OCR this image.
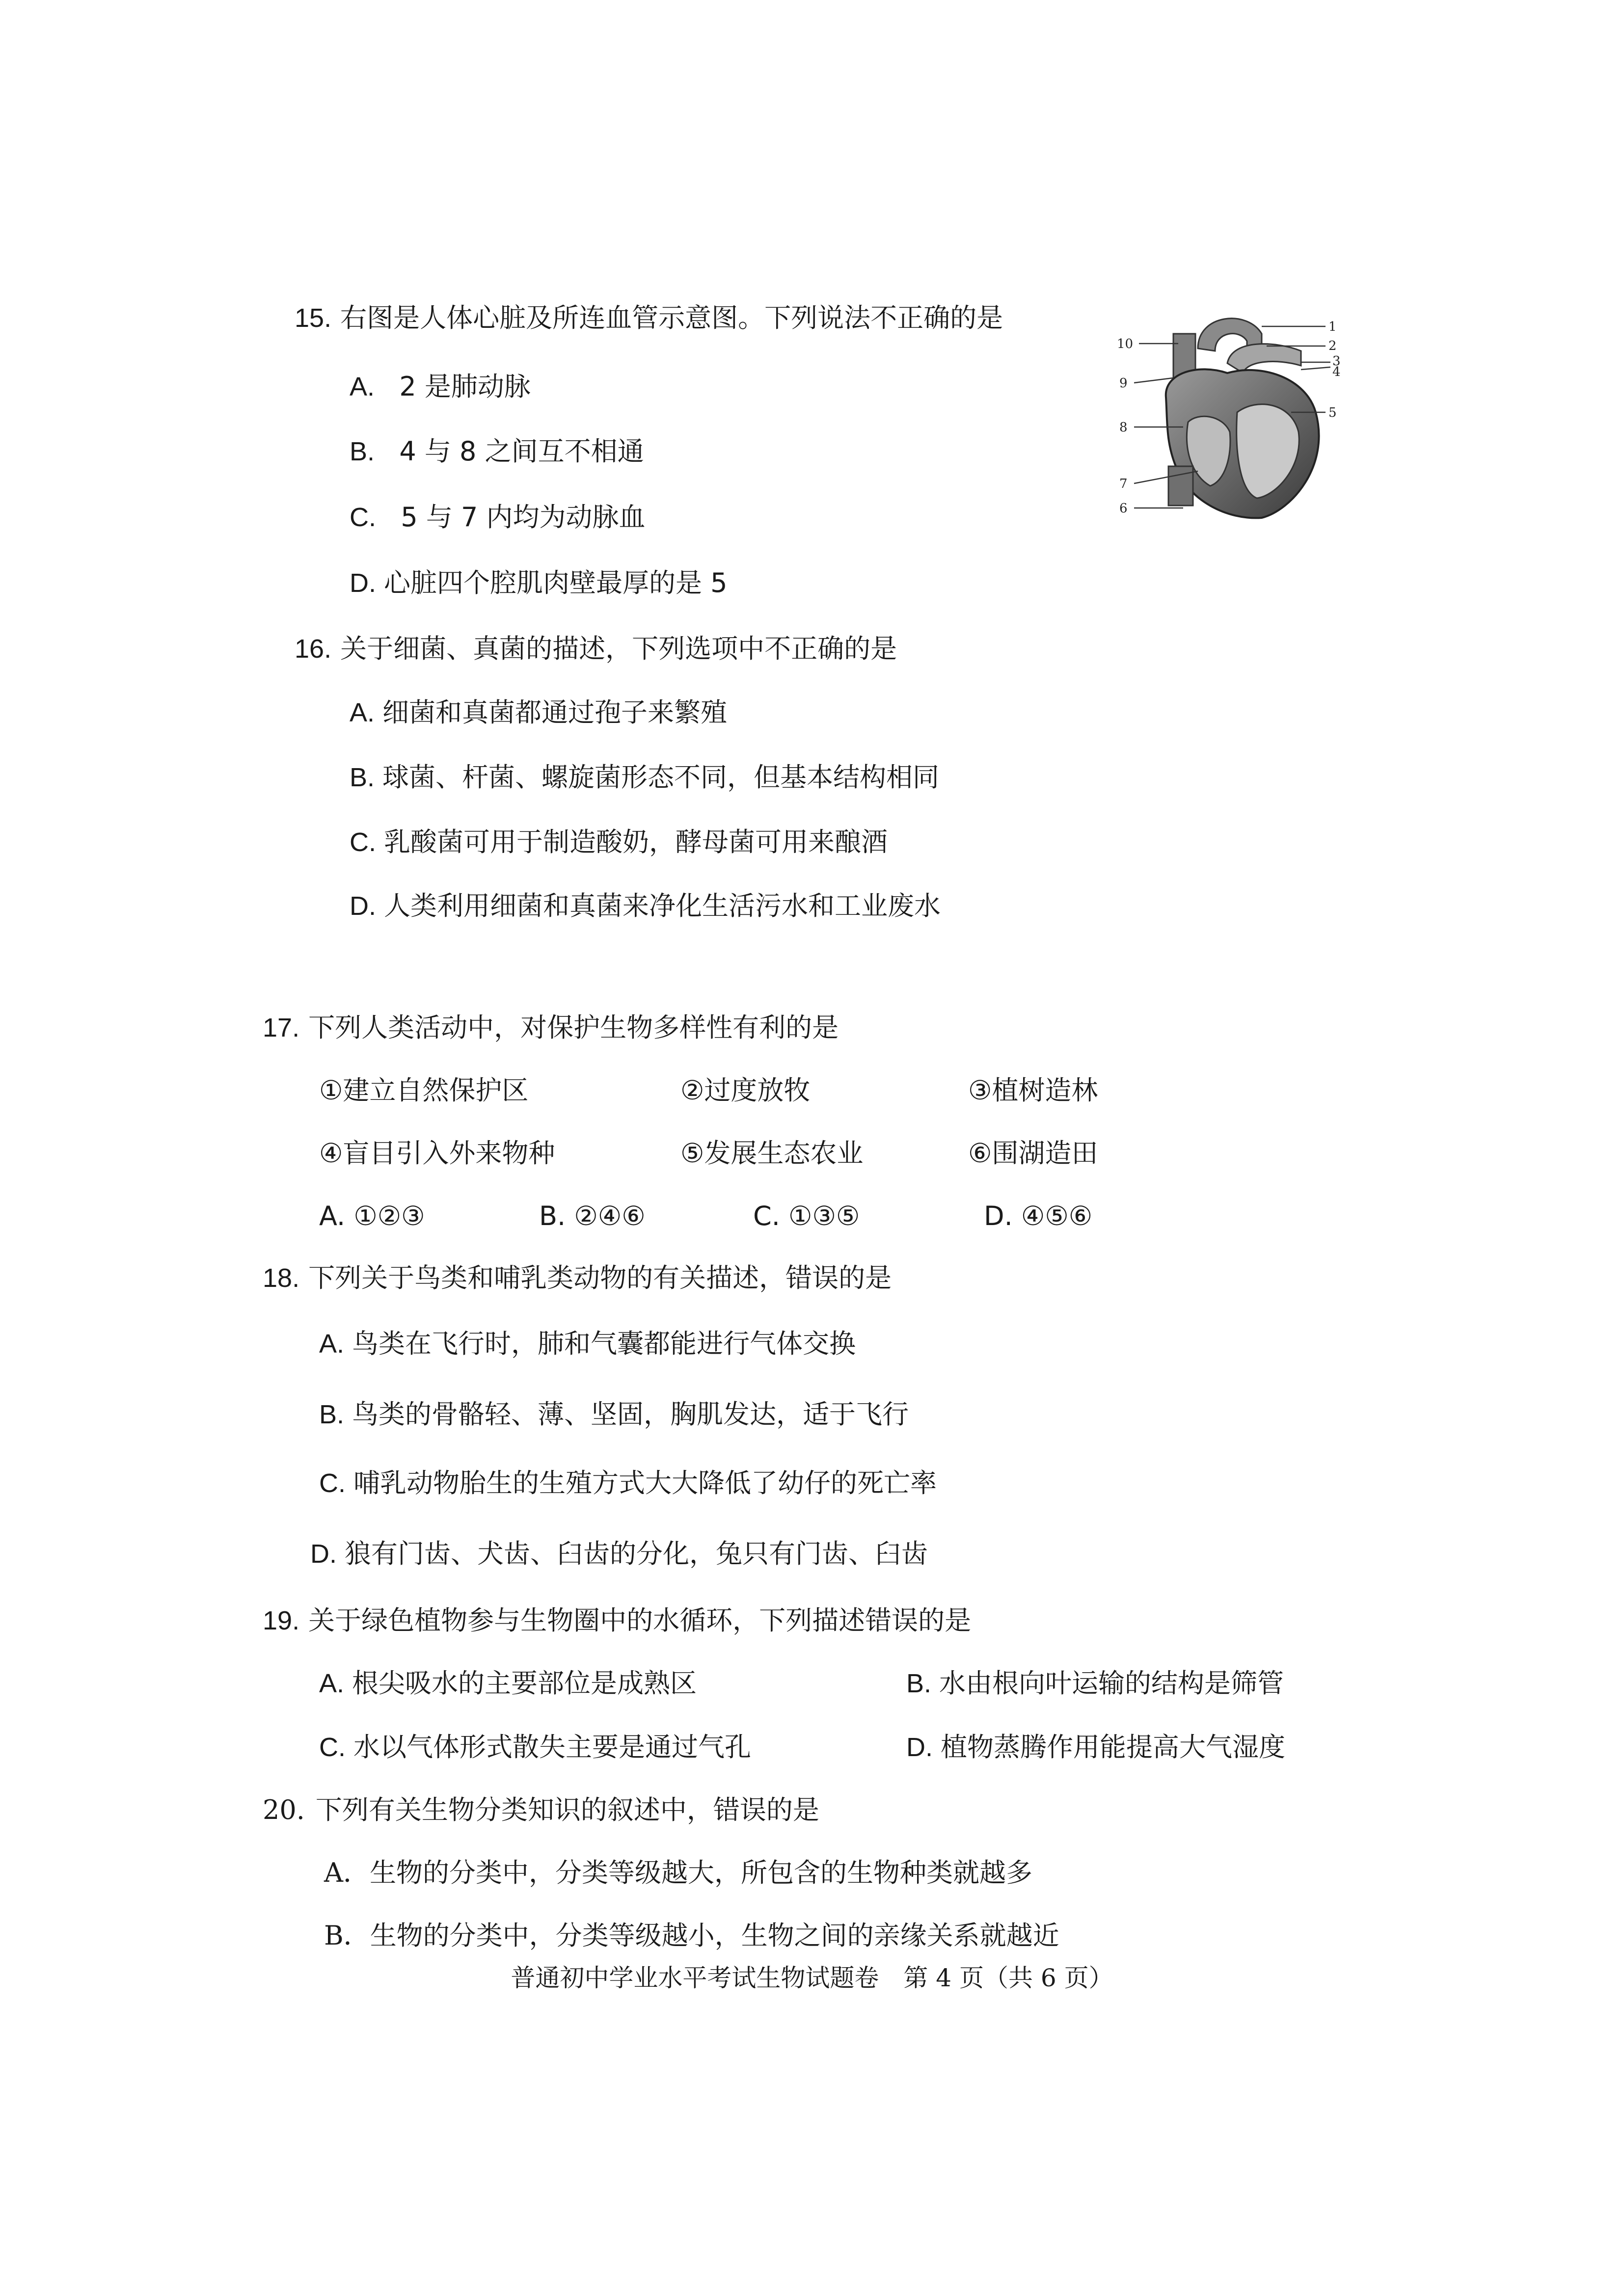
15. 右图是人体心脏及所连血管示意图。下列说法不正确的是
A. 2 是肺动脉
B. 4 与 8 之间互不相通
C. 5 与 7 内均为动脉血
D. 心脏四个腔肌肉壁最厚的是 5
1
2
3
4
5
6
7
8
9
10
16. 关于细菌、真菌的描述，下列选项中不正确的是
A. 细菌和真菌都通过孢子来繁殖
B. 球菌、杆菌、螺旋菌形态不同，但基本结构相同
C. 乳酸菌可用于制造酸奶，酵母菌可用来酿酒
D. 人类利用细菌和真菌来净化生活污水和工业废水
17. 下列人类活动中，对保护生物多样性有利的是
①建立自然保护区	②过度放牧	③植树造林
④盲目引入外来物种	⑤发展生态农业	⑥围湖造田
A. ①②③	B. ②④⑥	C. ①③⑤	D. ④⑤⑥
18. 下列关于鸟类和哺乳类动物的有关描述，错误的是
A. 鸟类在飞行时，肺和气囊都能进行气体交换
B. 鸟类的骨骼轻、薄、坚固，胸肌发达，适于飞行
C. 哺乳动物胎生的生殖方式大大降低了幼仔的死亡率
D. 狼有门齿、犬齿、臼齿的分化，兔只有门齿、臼齿
19. 关于绿色植物参与生物圈中的水循环，下列描述错误的是
A. 根尖吸水的主要部位是成熟区	B. 水由根向叶运输的结构是筛管
C. 水以气体形式散失主要是通过气孔	D. 植物蒸腾作用能提高大气湿度
20. 下列有关生物分类知识的叙述中，错误的是
A．生物的分类中，分类等级越大，所包含的生物种类就越多
B．生物的分类中，分类等级越小，生物之间的亲缘关系就越近
普通初中学业水平考试生物试题卷　第 4 页（共 6 页）
